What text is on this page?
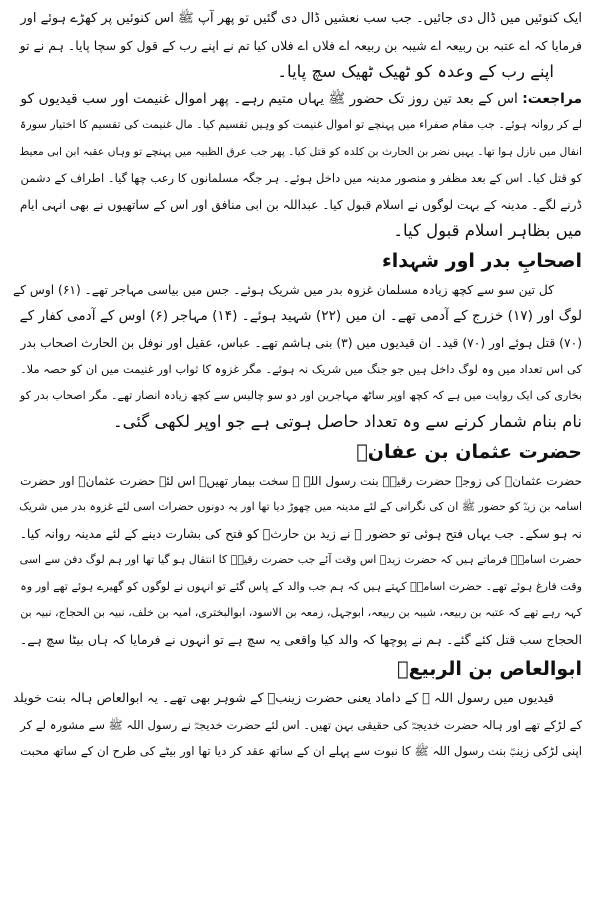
ایک کنوئیں میں ڈال دی جائیں۔ جب سب نعشیں ڈال دی گئیں تو پھر آپ ﷺ اس کنوئیں پر کھڑے ہوئے اور
فرمایا کہ اے عتبہ بن ربیعہ اے شیبہ بن ربیعہ اے فلاں اے فلاں کیا تم نے اپنے رب کے قول کو سچا پایا۔ ہم نے تو
اپنے رب کے وعدہ کو ٹھیک ٹھیک سچ پایا۔
مراجعت: اس کے بعد تین روز تک حضور ﷺ یہاں متیم رہے۔ پھر اموال غنیمت اور سب قیدیوں کو
لے کر روانہ ہوئے۔ جب مقام صفراء میں پہنچے تو اموال غنیمت کو وہیں تقسیم کیا۔ مال غنیمت کی تقسیم کا اختیار سورۃ
انفال میں نازل ہوا تھا۔ یہیں نضر بن الحارث بن کلدہ کو قتل کیا۔ پھر جب عرق الظبیہ میں پہنچے تو وہاں عقبہ ابن ابی معیط
کو قتل کیا۔ اس کے بعد مظفر و منصور مدینہ میں داخل ہوئے۔ ہر جگہ مسلمانوں کا رعب چھا گیا۔ اطراف کے دشمن
ڈرنے لگے۔ مدینہ کے بہت لوگوں نے اسلام قبول کیا۔ عبداللہ بن ابی منافق اور اس کے ساتھیوں نے بھی انہی ایام
میں بظاہر اسلام قبول کیا۔
اصحابِ بدر اور شہداء
کل تین سو سے کچھ زیادہ مسلمان غزوہ بدر میں شریک ہوئے۔ جس میں بیاسی مہاجر تھے۔ (۶۱) اوس کے
لوگ اور (۱۷) خزرج کے آدمی تھے۔ ان میں (۲۲) شہید ہوئے۔ (۱۴) مہاجر (۶) اوس کے آدمی کفار کے
(۷۰) قتل ہوئے اور (۷۰) قید۔ ان قیدیوں میں (۳) بنی ہاشم تھے۔ عباس، عقیل اور نوفل بن الحارث اصحاب بدر
کی اس تعداد میں وہ لوگ داخل ہیں جو جنگ میں شریک نہ ہوئے۔ مگر غزوہ کا ثواب اور غنیمت میں ان کو حصہ ملا۔
بخاری کی ایک روایت میں ہے کہ کچھ اوپر ساٹھ مہاجرین اور دو سو چالیس سے کچھ زیادہ انصار تھے۔ مگر اصحاب بدر کو
نام بنام شمار کرنے سے وہ تعداد حاصل ہوتی ہے جو اوپر لکھی گئی۔
حضرت عثمان بن عفانؓ
حضرت عثمانؓ کی زوجہ حضرت رقیہؓ بنت رسول اللہ ﷺ سخت بیمار تھیں۔ اس لئے حضرت عثمانؓ اور حضرت
اسامہ بن زیدؓ کو حضور ﷺ ان کی نگرانی کے لئے مدینہ میں چھوڑ دیا تھا اور یہ دونوں حضرات اسی لئے غزوہ بدر میں شریک
نہ ہو سکے۔ جب یہاں فتح ہوئی تو حضور ﷺ نے زید بن حارثؓ کو فتح کی بشارت دینے کے لئے مدینہ روانہ کیا۔
حضرت اسامہؓ فرماتے ہیں کہ حضرت زیدؓ اس وقت آئے جب حضرت رقیہؓ کا انتقال ہو گیا تھا اور ہم لوگ دفن سے اسی
وقت فارغ ہوئے تھے۔ حضرت اسامہؓ کہتے ہیں کہ ہم جب والد کے پاس گئے تو انہوں نے لوگوں کو گھیرے ہوئے تھے اور وہ
کہہ رہے تھے کہ عتبہ بن ربیعہ، شیبہ بن ربیعہ، ابوجہل، زمعہ بن الاسود، ابوالبختری، امیہ بن خلف، نبیہ بن الحجاج، نبیہ بن
الحجاج سب قتل کئے گئے۔ ہم نے پوچھا کہ والد کیا واقعی یہ سچ ہے تو انہوں نے فرمایا کہ ہاں بیٹا سچ ہے۔
ابوالعاص بن الربیعؓ
قیدیوں میں رسول اللہ ﷺ کے داماد یعنی حضرت زینبؓ کے شوہر بھی تھے۔ یہ ابوالعاص ہالہ بنت خویلد
کے لڑکے تھے اور ہالہ حضرت خدیجہؓ کی حقیقی بہن تھیں۔ اس لئے حضرت خدیجہؓ نے رسول اللہ ﷺ سے مشورہ لے کر
اپنی لڑکی زینبؓ بنت رسول اللہ ﷺ کا نبوت سے پہلے ان کے ساتھ عقد کر دیا تھا اور بیٹے کی طرح ان کے ساتھ محبت
